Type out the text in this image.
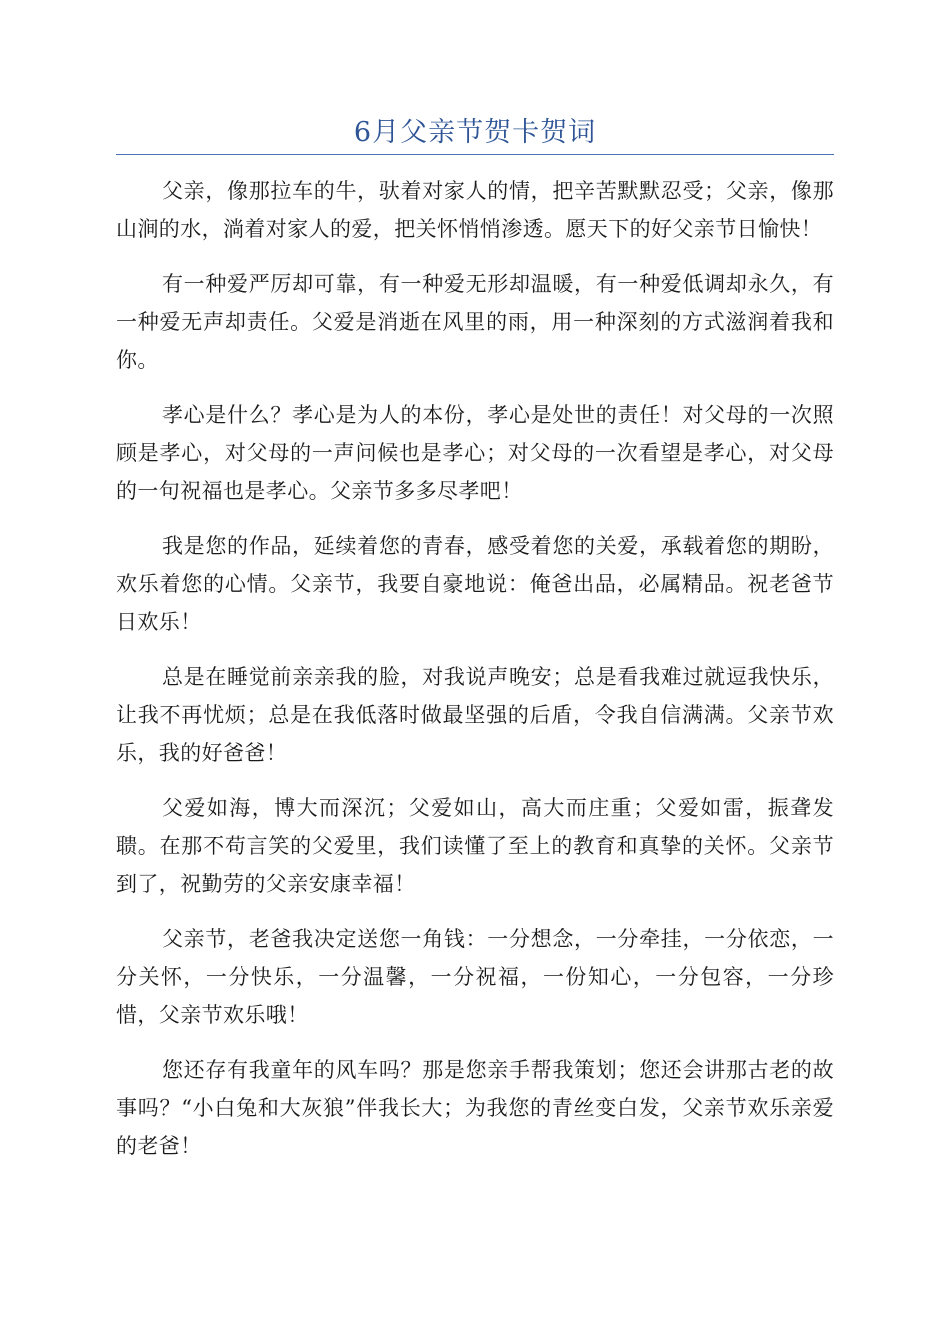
6月父亲节贺卡贺词

父亲，像那拉车的牛，驮着对家人的情，把辛苦默默忍受；父亲，像那山涧的水，淌着对家人的爱，把关怀悄悄渗透。愿天下的好父亲节日愉快！

有一种爱严厉却可靠，有一种爱无形却温暖，有一种爱低调却永久，有一种爱无声却责任。父爱是消逝在风里的雨，用一种深刻的方式滋润着我和你。

孝心是什么？孝心是为人的本份，孝心是处世的责任！对父母的一次照顾是孝心，对父母的一声问候也是孝心；对父母的一次看望是孝心，对父母的一句祝福也是孝心。父亲节多多尽孝吧！

我是您的作品，延续着您的青春，感受着您的关爱，承载着您的期盼，欢乐着您的心情。父亲节，我要自豪地说：俺爸出品，必属精品。祝老爸节日欢乐！

总是在睡觉前亲亲我的脸，对我说声晚安；总是看我难过就逗我快乐，让我不再忧烦；总是在我低落时做最坚强的后盾，令我自信满满。父亲节欢乐，我的好爸爸！

父爱如海，博大而深沉；父爱如山，高大而庄重；父爱如雷，振聋发聩。在那不苟言笑的父爱里，我们读懂了至上的教育和真挚的关怀。父亲节到了，祝勤劳的父亲安康幸福！

父亲节，老爸我决定送您一角钱：一分想念，一分牵挂，一分依恋，一分关怀，一分快乐，一分温馨，一分祝福，一份知心，一分包容，一分珍惜，父亲节欢乐哦！

您还存有我童年的风车吗？那是您亲手帮我策划；您还会讲那古老的故事吗？“小白兔和大灰狼”伴我长大；为我您的青丝变白发，父亲节欢乐亲爱的老爸！
